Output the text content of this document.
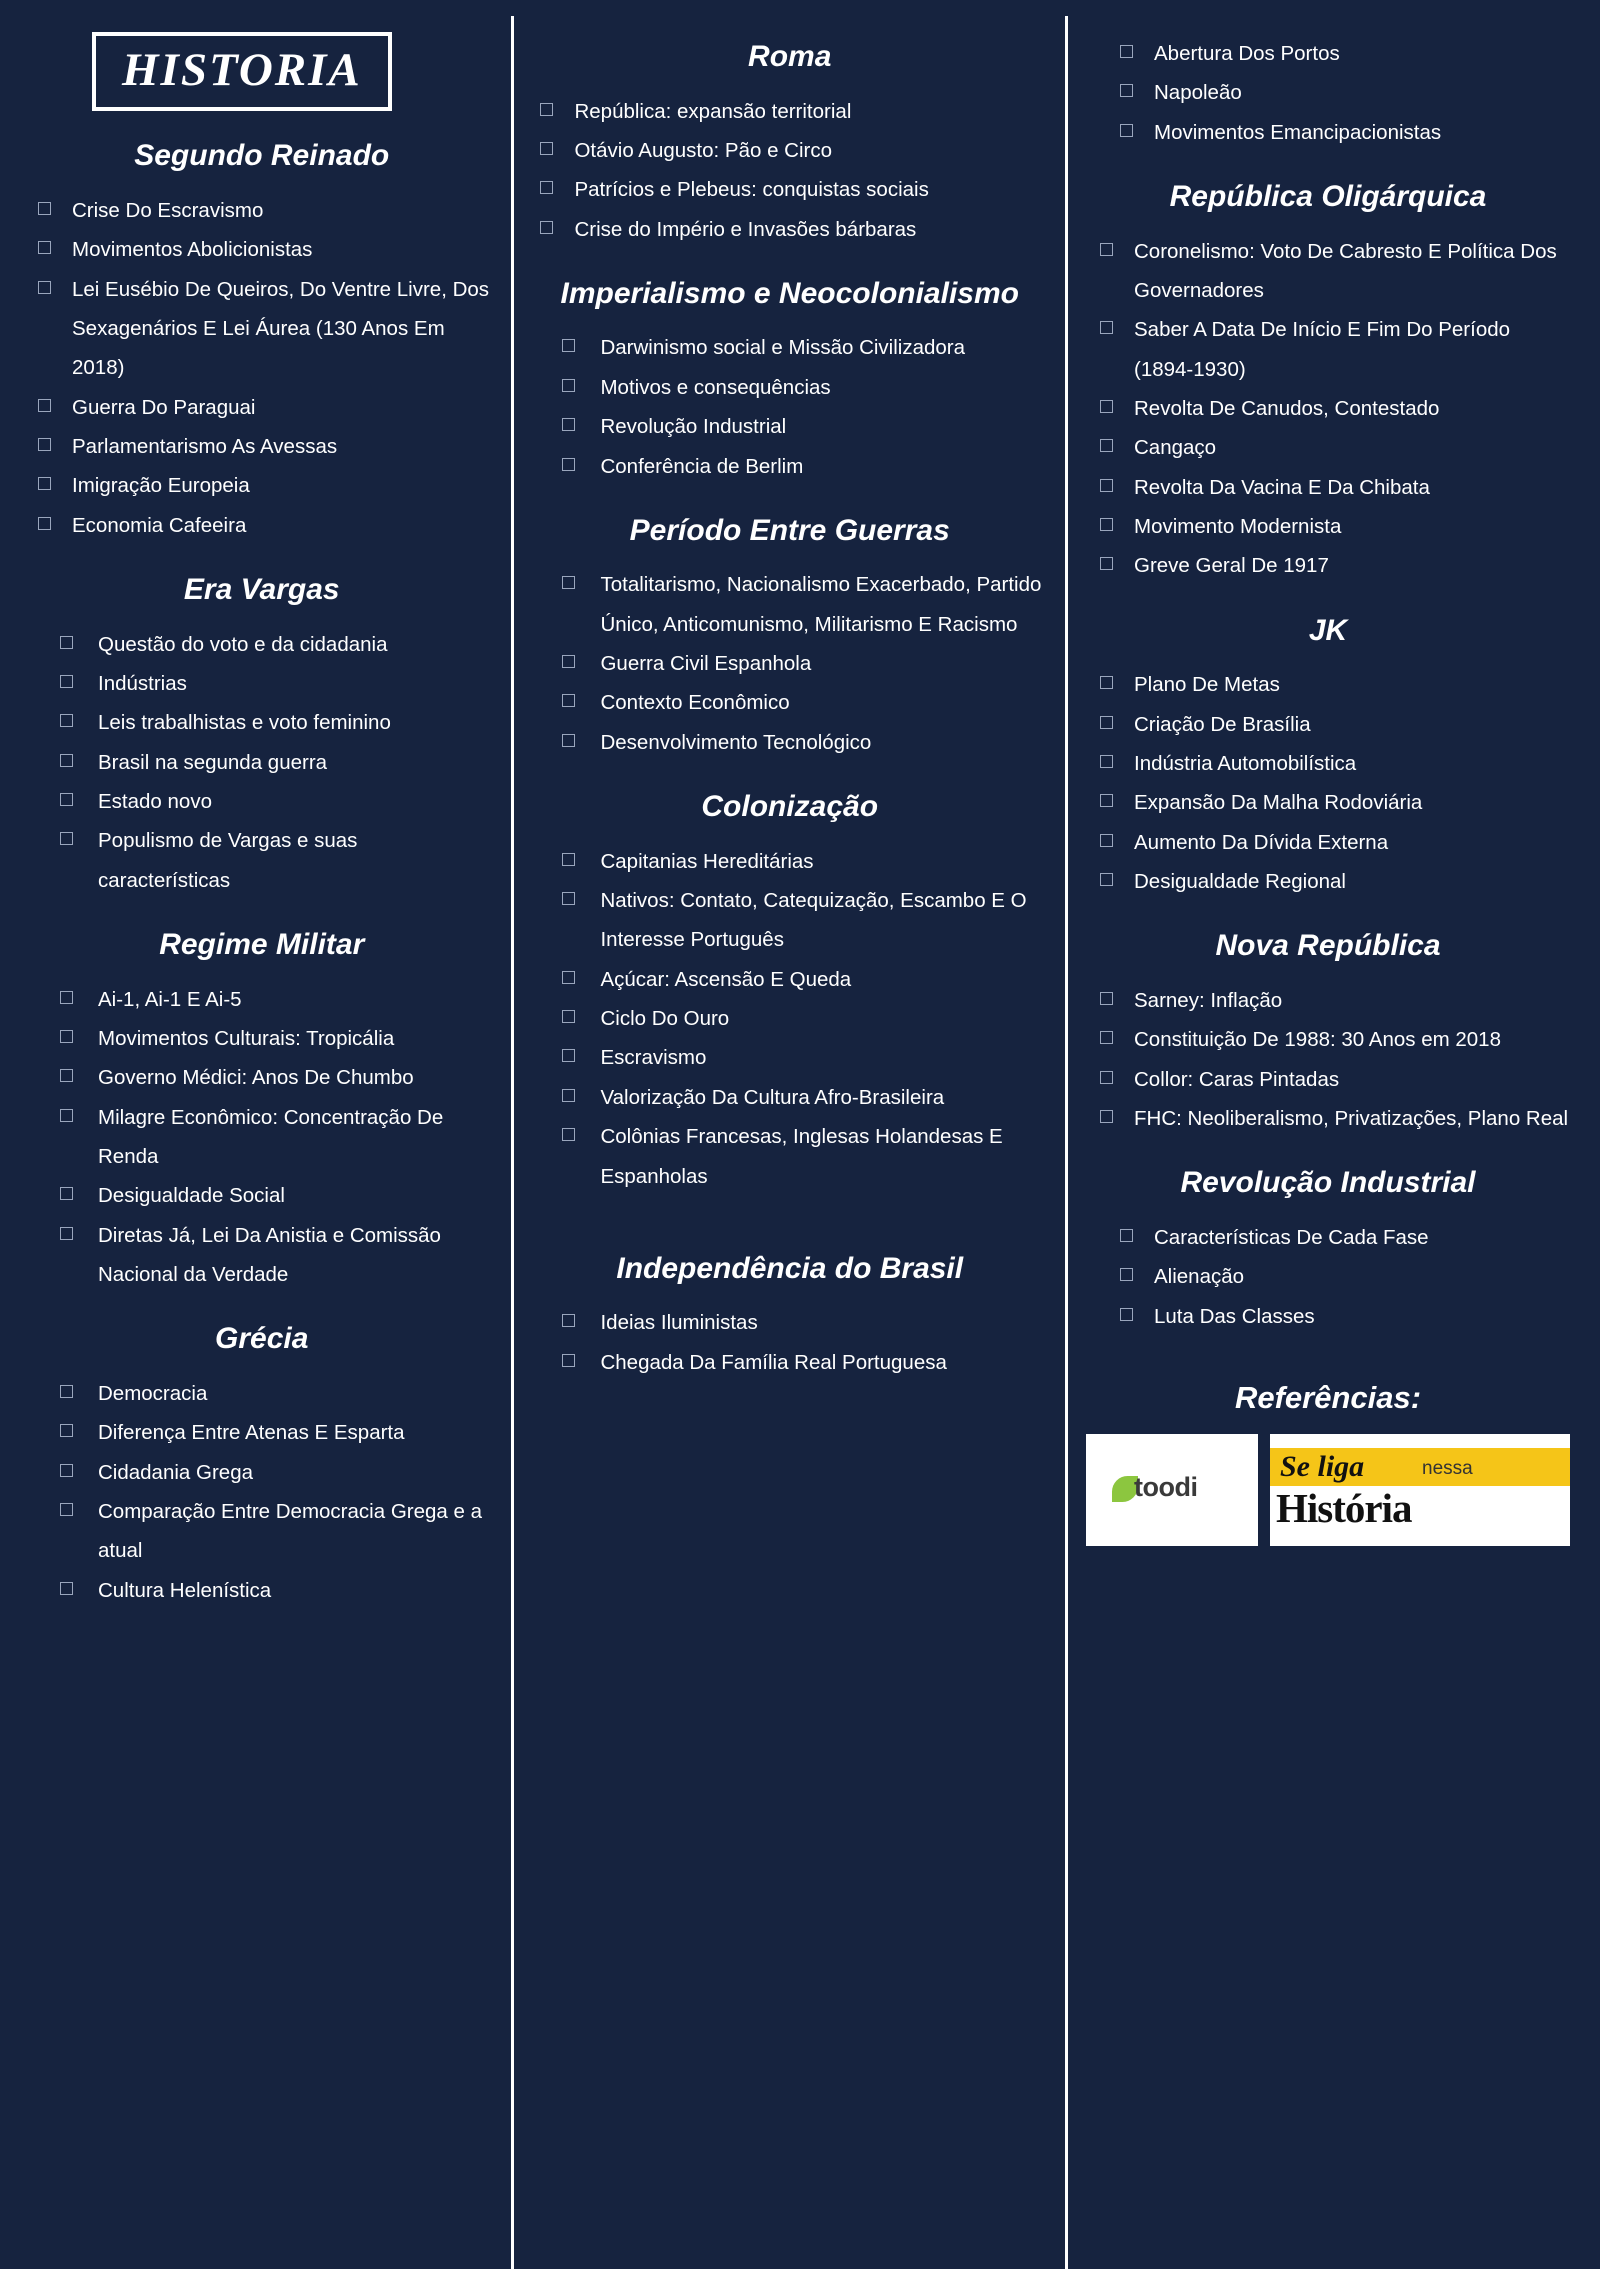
HISTORIA
Segundo Reinado
Crise Do Escravismo
Movimentos Abolicionistas
Lei Eusébio De Queiros, Do Ventre Livre, Dos Sexagenários E Lei Áurea (130 Anos Em 2018)
Guerra Do Paraguai
Parlamentarismo As Avessas
Imigração Europeia
Economia Cafeeira
Era Vargas
Questão do voto e da cidadania
Indústrias
Leis trabalhistas e voto feminino
Brasil na segunda guerra
Estado novo
Populismo de Vargas e suas características
Regime Militar
Ai-1, Ai-1 E Ai-5
Movimentos Culturais: Tropicália
Governo Médici: Anos De Chumbo
Milagre Econômico: Concentração De Renda
Desigualdade Social
Diretas Já, Lei Da Anistia e Comissão Nacional da Verdade
Grécia
Democracia
Diferença Entre Atenas E Esparta
Cidadania Grega
Comparação Entre Democracia Grega e a atual
Cultura Helenística
Roma
República: expansão territorial
Otávio Augusto: Pão e Circo
Patrícios e Plebeus: conquistas sociais
Crise do Império e Invasões bárbaras
Imperialismo e Neocolonialismo
Darwinismo social e Missão Civilizadora
Motivos e consequências
Revolução Industrial
Conferência de Berlim
Período Entre Guerras
Totalitarismo, Nacionalismo Exacerbado, Partido Único, Anticomunismo, Militarismo E Racismo
Guerra Civil Espanhola
Contexto Econômico
Desenvolvimento Tecnológico
Colonização
Capitanias Hereditárias
Nativos: Contato, Catequização, Escambo E O Interesse Português
Açúcar: Ascensão E Queda
Ciclo Do Ouro
Escravismo
Valorização Da Cultura Afro-Brasileira
Colônias Francesas, Inglesas Holandesas E Espanholas
Independência do Brasil
Ideias Iluministas
Chegada Da Família Real Portuguesa
Abertura Dos Portos
Napoleão
Movimentos Emancipacionistas
República Oligárquica
Coronelismo: Voto De Cabresto E Política Dos Governadores
Saber A Data De Início E Fim Do Período (1894-1930)
Revolta De Canudos, Contestado
Cangaço
Revolta Da Vacina E Da Chibata
Movimento Modernista
Greve Geral De 1917
JK
Plano De Metas
Criação De Brasília
Indústria Automobilística
Expansão Da Malha Rodoviária
Aumento Da Dívida Externa
Desigualdade Regional
Nova República
Sarney: Inflação
Constituição De 1988: 30 Anos em 2018
Collor: Caras Pintadas
FHC: Neoliberalismo, Privatizações, Plano Real
Revolução Industrial
Características De Cada Fase
Alienação
Luta Das Classes
Referências:
toodi
Se liga	nessa
História
